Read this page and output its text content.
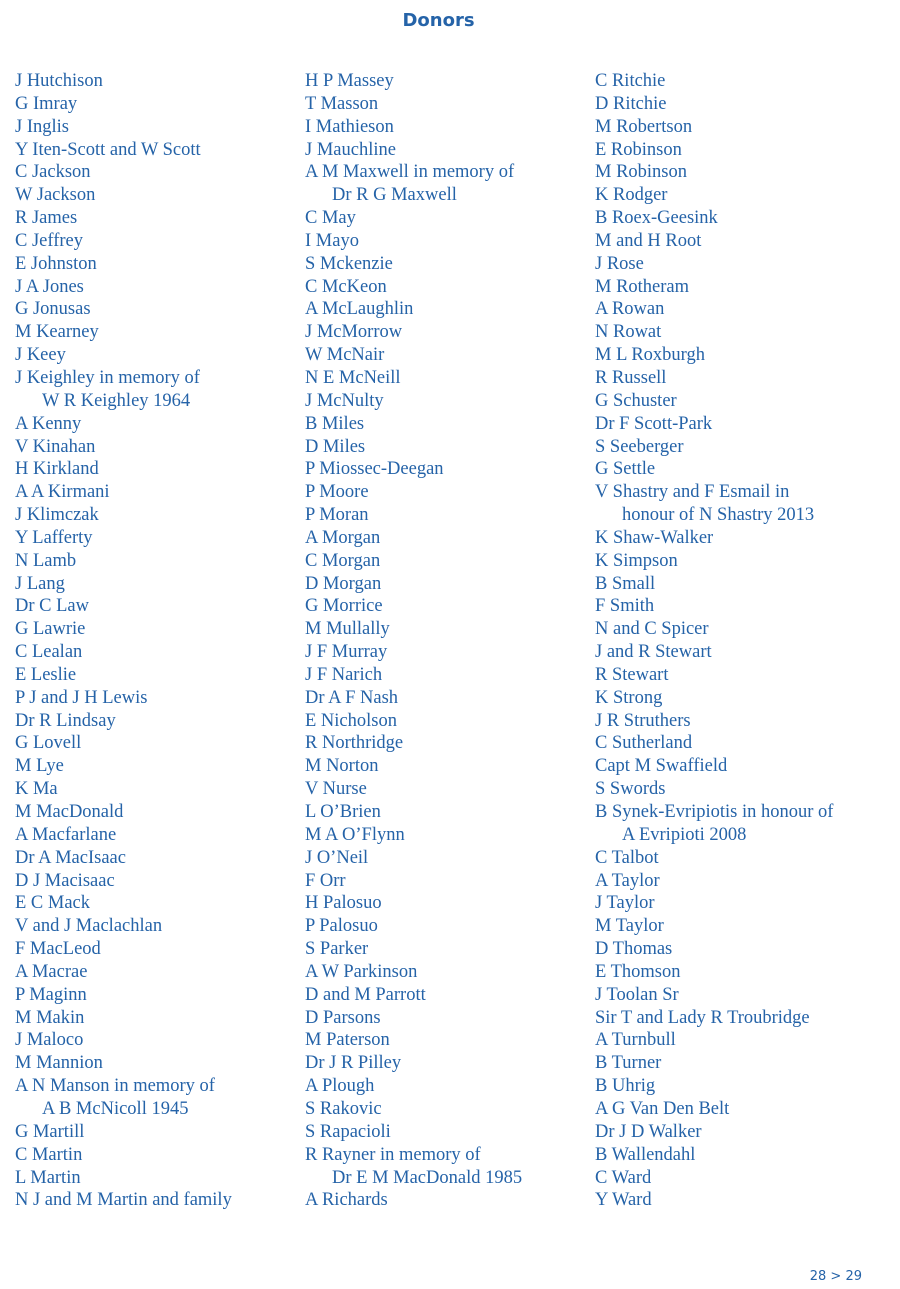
Donors
J Hutchison
G Imray
J Inglis
Y Iten-Scott and W Scott
C Jackson
W Jackson
R James
C Jeffrey
E Johnston
J A Jones
G Jonusas
M Kearney
J Keey
J Keighley in memory of
W R Keighley 1964
A Kenny
V Kinahan
H Kirkland
A A Kirmani
J Klimczak
Y Lafferty
N Lamb
J Lang
Dr C Law
G Lawrie
C Lealan
E Leslie
P J and J H Lewis
Dr R Lindsay
G Lovell
M Lye
K Ma
M MacDonald
A Macfarlane
Dr A MacIsaac
D J Macisaac
E C Mack
V and J Maclachlan
F MacLeod
A Macrae
P Maginn
M Makin
J Maloco
M Mannion
A N Manson in memory of
A B McNicoll 1945
G Martill
C Martin
L Martin
N J and M Martin and family
H P Massey
T Masson
I Mathieson
J Mauchline
A M Maxwell in memory of
Dr R G Maxwell
C May
I Mayo
S Mckenzie
C McKeon
A McLaughlin
J McMorrow
W McNair
N E McNeill
J McNulty
B Miles
D Miles
P Miossec-Deegan
P Moore
P Moran
A Morgan
C Morgan
D Morgan
G Morrice
M Mullally
J F Murray
J F Narich
Dr A F Nash
E Nicholson
R Northridge
M Norton
V Nurse
L O’Brien
M A O’Flynn
J O’Neil
F Orr
H Palosuo
P Palosuo
S Parker
A W Parkinson
D and M Parrott
D Parsons
M Paterson
Dr J R Pilley
A Plough
S Rakovic
S Rapacioli
R Rayner in memory of
Dr E M MacDonald 1985
A Richards
C Ritchie
D Ritchie
M Robertson
E Robinson
M Robinson
K Rodger
B Roex-Geesink
M and H Root
J Rose
M Rotheram
A Rowan
N Rowat
M L Roxburgh
R Russell
G Schuster
Dr F Scott-Park
S Seeberger
G Settle
V Shastry and F Esmail in
honour of N Shastry 2013
K Shaw-Walker
K Simpson
B Small
F Smith
N and C Spicer
J and R Stewart
R Stewart
K Strong
J R Struthers
C Sutherland
Capt M Swaffield
S Swords
B Synek-Evripiotis in honour of
A Evripioti 2008
C Talbot
A Taylor
J Taylor
M Taylor
D Thomas
E Thomson
J Toolan Sr
Sir T and Lady R Troubridge
A Turnbull
B Turner
B Uhrig
A G Van Den Belt
Dr J D Walker
B Wallendahl
C Ward
Y Ward
28 > 29
